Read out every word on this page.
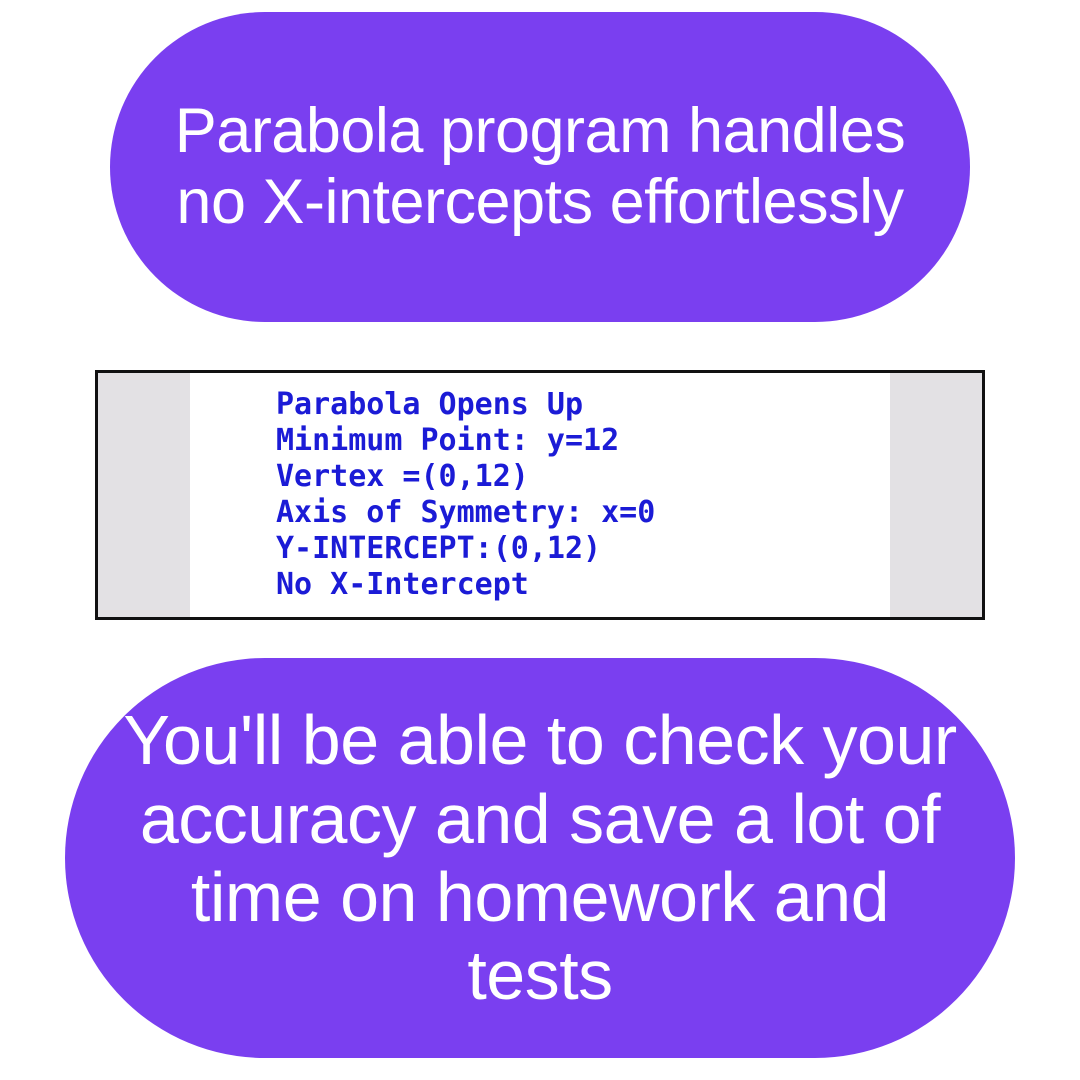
Parabola program handles no X-intercepts effortlessly
Parabola Opens Up
Minimum Point: y=12
Vertex =(0,12)
Axis of Symmetry: x=0
Y-INTERCEPT:(0,12)
No X-Intercept
You'll be able to check your accuracy and save a lot of time on homework and tests
